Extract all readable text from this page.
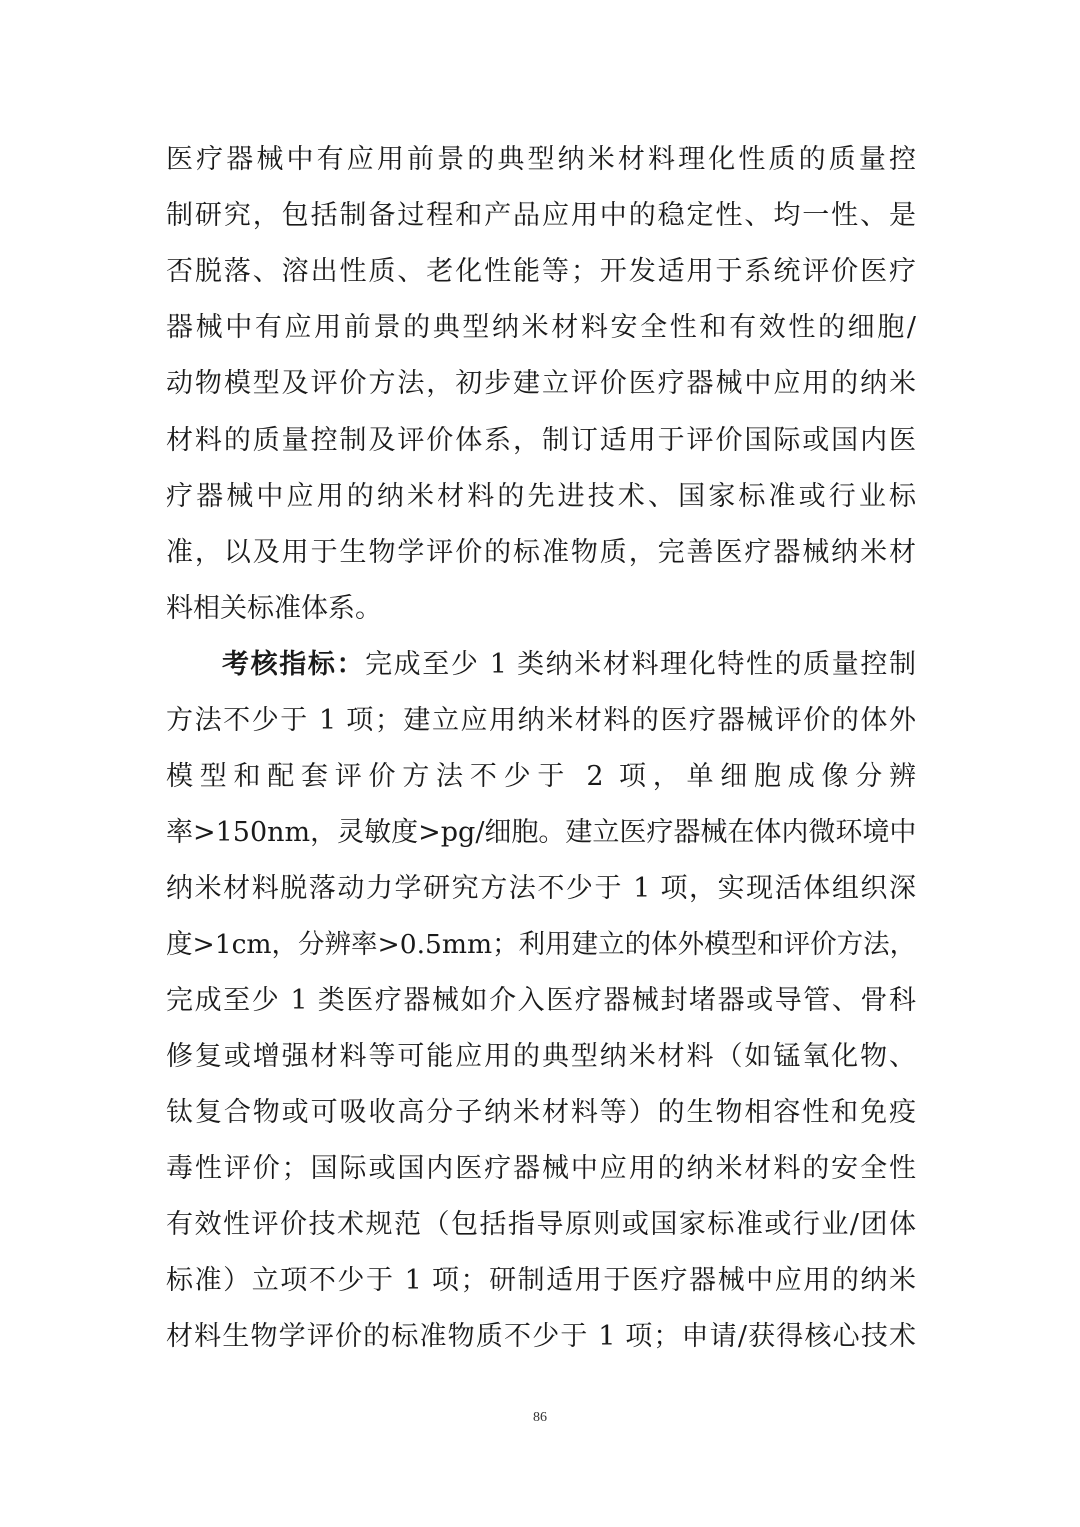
医疗器械中有应用前景的典型纳米材料理化性质的质量控
制研究，包括制备过程和产品应用中的稳定性、均一性、是
否脱落、溶出性质、老化性能等；开发适用于系统评价医疗
器械中有应用前景的典型纳米材料安全性和有效性的细胞/
动物模型及评价方法，初步建立评价医疗器械中应用的纳米
材料的质量控制及评价体系，制订适用于评价国际或国内医
疗器械中应用的纳米材料的先进技术、国家标准或行业标
准，以及用于生物学评价的标准物质，完善医疗器械纳米材
料相关标准体系。
考核指标：完成至少 1 类纳米材料理化特性的质量控制
方法不少于 1 项；建立应用纳米材料的医疗器械评价的体外
模型和配套评价方法不少于 2 项，单细胞成像分辨
率>150nm，灵敏度>pg/细胞。建立医疗器械在体内微环境中
纳米材料脱落动力学研究方法不少于 1 项，实现活体组织深
度>1cm，分辨率>0.5mm；利用建立的体外模型和评价方法，
完成至少 1 类医疗器械如介入医疗器械封堵器或导管、骨科
修复或增强材料等可能应用的典型纳米材料（如锰氧化物、
钛复合物或可吸收高分子纳米材料等）的生物相容性和免疫
毒性评价；国际或国内医疗器械中应用的纳米材料的安全性
有效性评价技术规范（包括指导原则或国家标准或行业/团体
标准）立项不少于 1 项；研制适用于医疗器械中应用的纳米
材料生物学评价的标准物质不少于 1 项；申请/获得核心技术
86
